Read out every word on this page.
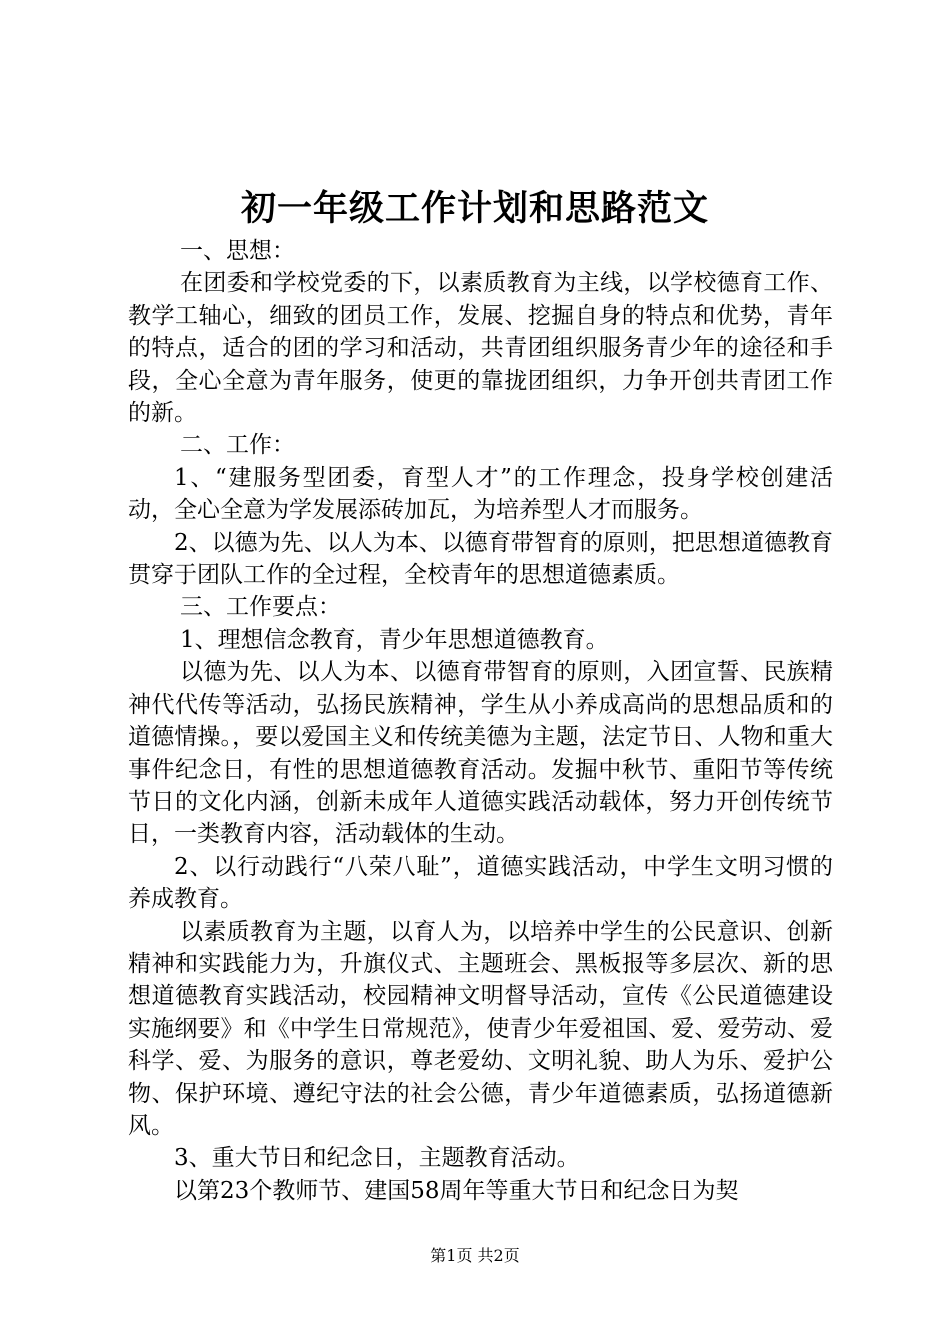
初一年级工作计划和思路范文

一、思想：

在团委和学校党委的下，以素质教育为主线，以学校德育工作、教学工轴心，细致的团员工作，发展、挖掘自身的特点和优势，青年的特点，适合的团的学习和活动，共青团组织服务青少年的途径和手段，全心全意为青年服务，使更的靠拢团组织，力争开创共青团工作的新。

二、工作：

1、“建服务型团委，育型人才”的工作理念，投身学校创建活动，全心全意为学发展添砖加瓦，为培养型人才而服务。

2、以德为先、以人为本、以德育带智育的原则，把思想道德教育贯穿于团队工作的全过程，全校青年的思想道德素质。

三、工作要点：

1、理想信念教育，青少年思想道德教育。

以德为先、以人为本、以德育带智育的原则，入团宣誓、民族精神代代传等活动，弘扬民族精神，学生从小养成高尚的思想品质和的道德情操。，要以爱国主义和传统美德为主题，法定节日、人物和重大事件纪念日，有性的思想道德教育活动。发掘中秋节、重阳节等传统节日的文化内涵，创新未成年人道德实践活动载体，努力开创传统节日，一类教育内容，活动载体的生动。

2、以行动践行“八荣八耻”，道德实践活动，中学生文明习惯的养成教育。

以素质教育为主题，以育人为，以培养中学生的公民意识、创新精神和实践能力为，升旗仪式、主题班会、黑板报等多层次、新的思想道德教育实践活动，校园精神文明督导活动，宣传《公民道德建设实施纲要》和《中学生日常规范》，使青少年爱祖国、爱、爱劳动、爱科学、爱、为服务的意识，尊老爱幼、文明礼貌、助人为乐、爱护公物、保护环境、遵纪守法的社会公德，青少年道德素质，弘扬道德新风。

3、重大节日和纪念日，主题教育活动。

以第23个教师节、建国58周年等重大节日和纪念日为契

第1页 共2页
